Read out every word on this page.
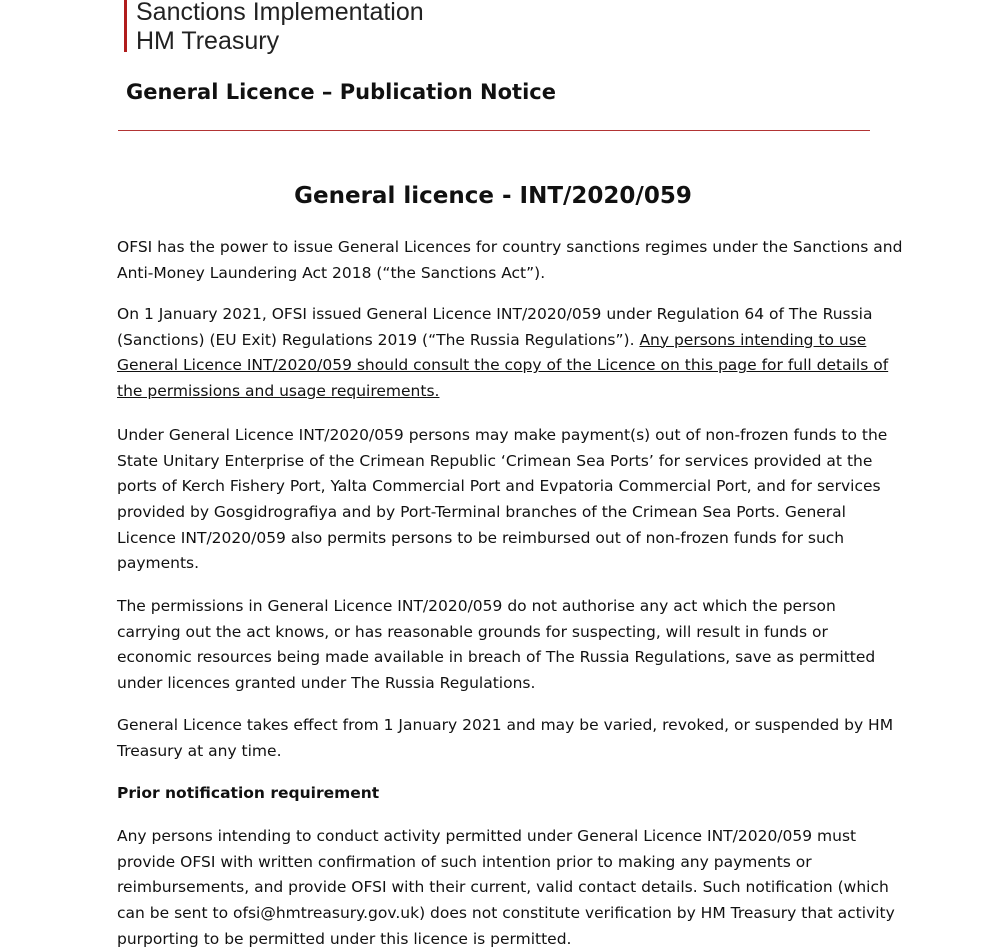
Sanctions Implementation
HM Treasury
General Licence – Publication Notice
General licence - INT/2020/059
OFSI has the power to issue General Licences for country sanctions regimes under the Sanctions and
Anti-Money Laundering Act 2018 (“the Sanctions Act”).
On 1 January 2021, OFSI issued General Licence INT/2020/059 under Regulation 64 of The Russia
(Sanctions) (EU Exit) Regulations 2019 (“The Russia Regulations”). Any persons intending to use
General Licence INT/2020/059 should consult the copy of the Licence on this page for full details of
the permissions and usage requirements.
Under General Licence INT/2020/059 persons may make payment(s) out of non-frozen funds to the
State Unitary Enterprise of the Crimean Republic ‘Crimean Sea Ports’ for services provided at the
ports of Kerch Fishery Port, Yalta Commercial Port and Evpatoria Commercial Port, and for services
provided by Gosgidrografiya and by Port-Terminal branches of the Crimean Sea Ports. General
Licence INT/2020/059 also permits persons to be reimbursed out of non-frozen funds for such
payments.
The permissions in General Licence INT/2020/059 do not authorise any act which the person
carrying out the act knows, or has reasonable grounds for suspecting, will result in funds or
economic resources being made available in breach of The Russia Regulations, save as permitted
under licences granted under The Russia Regulations.
General Licence takes effect from 1 January 2021 and may be varied, revoked, or suspended by HM
Treasury at any time.
Prior notification requirement
Any persons intending to conduct activity permitted under General Licence INT/2020/059 must
provide OFSI with written confirmation of such intention prior to making any payments or
reimbursements, and provide OFSI with their current, valid contact details. Such notification (which
can be sent to ofsi@hmtreasury.gov.uk) does not constitute verification by HM Treasury that activity
purporting to be permitted under this licence is permitted.
